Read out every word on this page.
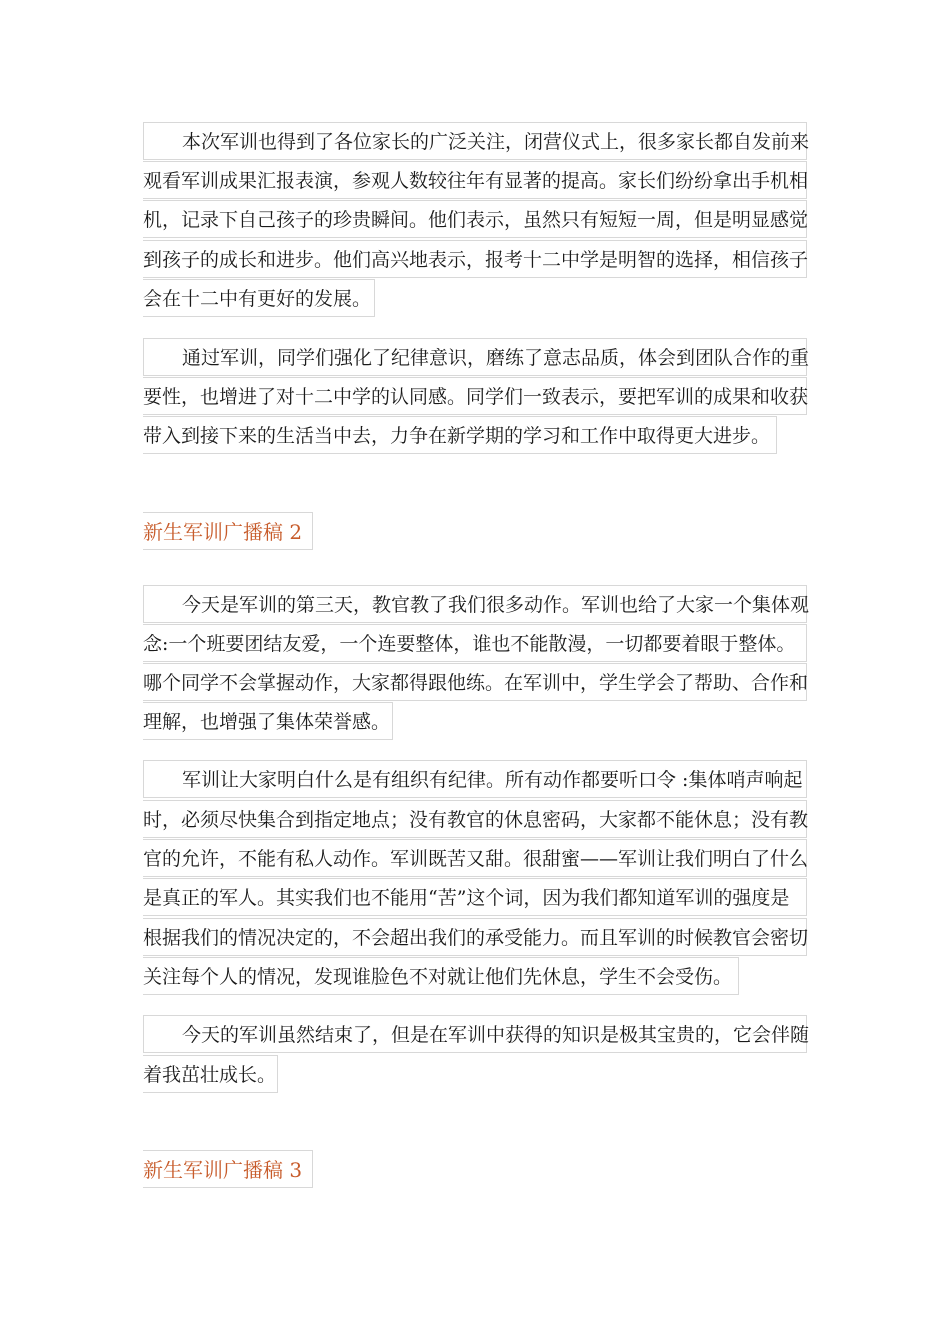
本次军训也得到了各位家长的广泛关注，闭营仪式上，很多家长都自发前来
观看军训成果汇报表演，参观人数较往年有显著的提高。家长们纷纷拿出手机相
机，记录下自己孩子的珍贵瞬间。他们表示，虽然只有短短一周，但是明显感觉
到孩子的成长和进步。他们高兴地表示，报考十二中学是明智的选择，相信孩子
会在十二中有更好的发展。
通过军训，同学们强化了纪律意识，磨练了意志品质，体会到团队合作的重
要性，也增进了对十二中学的认同感。同学们一致表示，要把军训的成果和收获
带入到接下来的生活当中去，力争在新学期的学习和工作中取得更大进步。
新生军训广播稿 2
今天是军训的第三天，教官教了我们很多动作。军训也给了大家一个集体观
念:一个班要团结友爱，一个连要整体，谁也不能散漫，一切都要着眼于整体。
哪个同学不会掌握动作，大家都得跟他练。在军训中，学生学会了帮助、合作和
理解，也增强了集体荣誉感。
军训让大家明白什么是有组织有纪律。所有动作都要听口令 :集体哨声响起
时，必须尽快集合到指定地点；没有教官的休息密码，大家都不能休息；没有教
官的允许，不能有私人动作。军训既苦又甜。很甜蜜——军训让我们明白了什么
是真正的军人。其实我们也不能用“苦”这个词，因为我们都知道军训的强度是
根据我们的情况决定的，不会超出我们的承受能力。而且军训的时候教官会密切
关注每个人的情况，发现谁脸色不对就让他们先休息，学生不会受伤。
今天的军训虽然结束了，但是在军训中获得的知识是极其宝贵的，它会伴随
着我茁壮成长。
新生军训广播稿 3
